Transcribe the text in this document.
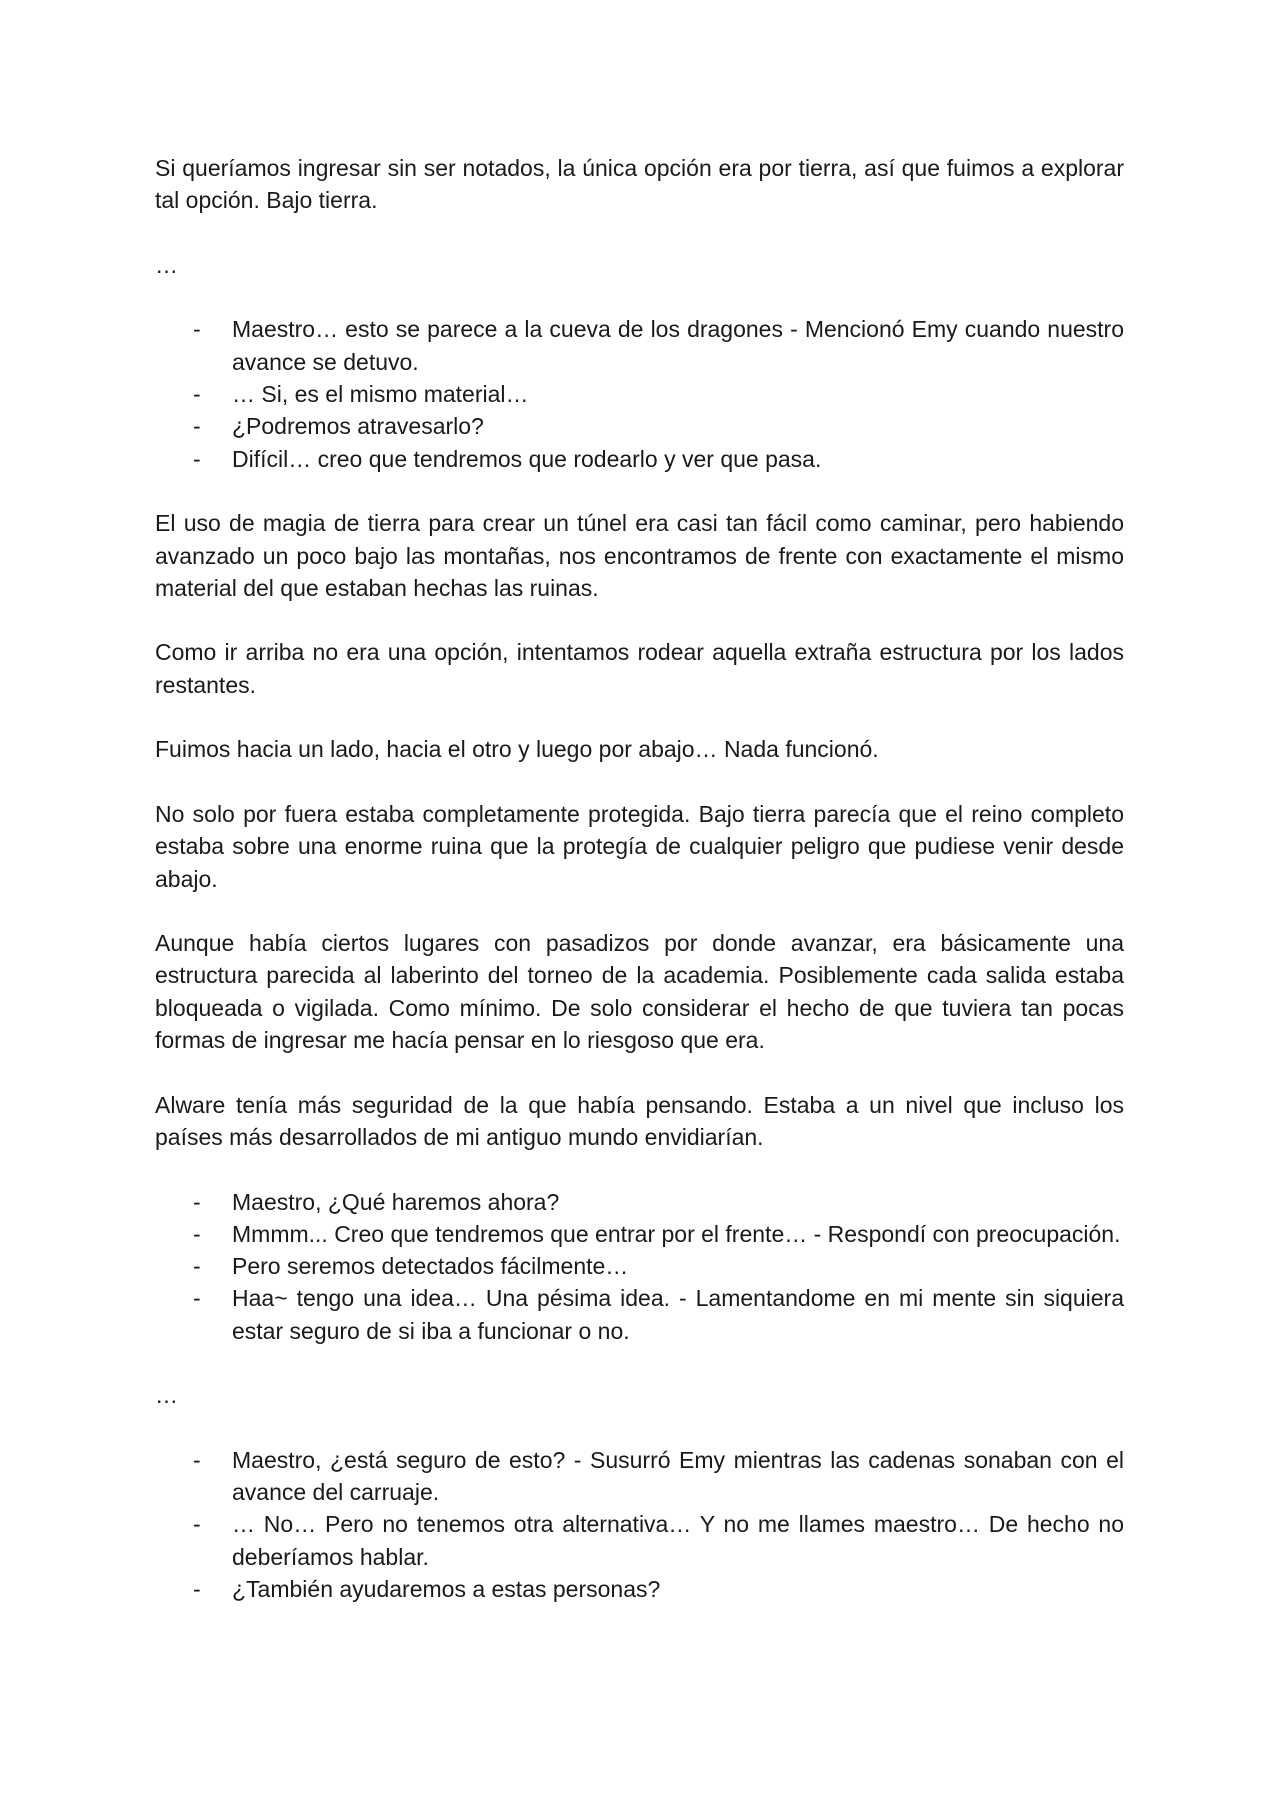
Si queríamos ingresar sin ser notados, la única opción era por tierra, así que fuimos a explorar tal opción. Bajo tierra.

…
- Maestro… esto se parece a la cueva de los dragones - Mencionó Emy cuando nuestro avance se detuvo.
- … Si, es el mismo material…
- ¿Podremos atravesarlo?
- Difícil… creo que tendremos que rodearlo y ver que pasa.

El uso de magia de tierra para crear un túnel era casi tan fácil como caminar, pero habiendo avanzado un poco bajo las montañas, nos encontramos de frente con exactamente el mismo material del que estaban hechas las ruinas.

Como ir arriba no era una opción, intentamos rodear aquella extraña estructura por los lados restantes.

Fuimos hacia un lado, hacia el otro y luego por abajo… Nada funcionó.

No solo por fuera estaba completamente protegida. Bajo tierra parecía que el reino completo estaba sobre una enorme ruina que la protegía de cualquier peligro que pudiese venir desde abajo.

Aunque había ciertos lugares con pasadizos por donde avanzar, era básicamente una estructura parecida al laberinto del torneo de la academia. Posiblemente cada salida estaba bloqueada o vigilada. Como mínimo. De solo considerar el hecho de que tuviera tan pocas formas de ingresar me hacía pensar en lo riesgoso que era.

Alware tenía más seguridad de la que había pensando. Estaba a un nivel que incluso los países más desarrollados de mi antiguo mundo envidiarían.

- Maestro, ¿Qué haremos ahora?
- Mmmm... Creo que tendremos que entrar por el frente… - Respondí con preocupación.
- Pero seremos detectados fácilmente…
- Haa~ tengo una idea… Una pésima idea. - Lamentandome en mi mente sin siquiera estar seguro de si iba a funcionar o no.
…
- Maestro, ¿está seguro de esto? - Susurró Emy mientras las cadenas sonaban con el avance del carruaje.
- … No… Pero no tenemos otra alternativa… Y no me llames maestro… De hecho no deberíamos hablar.
- ¿También ayudaremos a estas personas?
